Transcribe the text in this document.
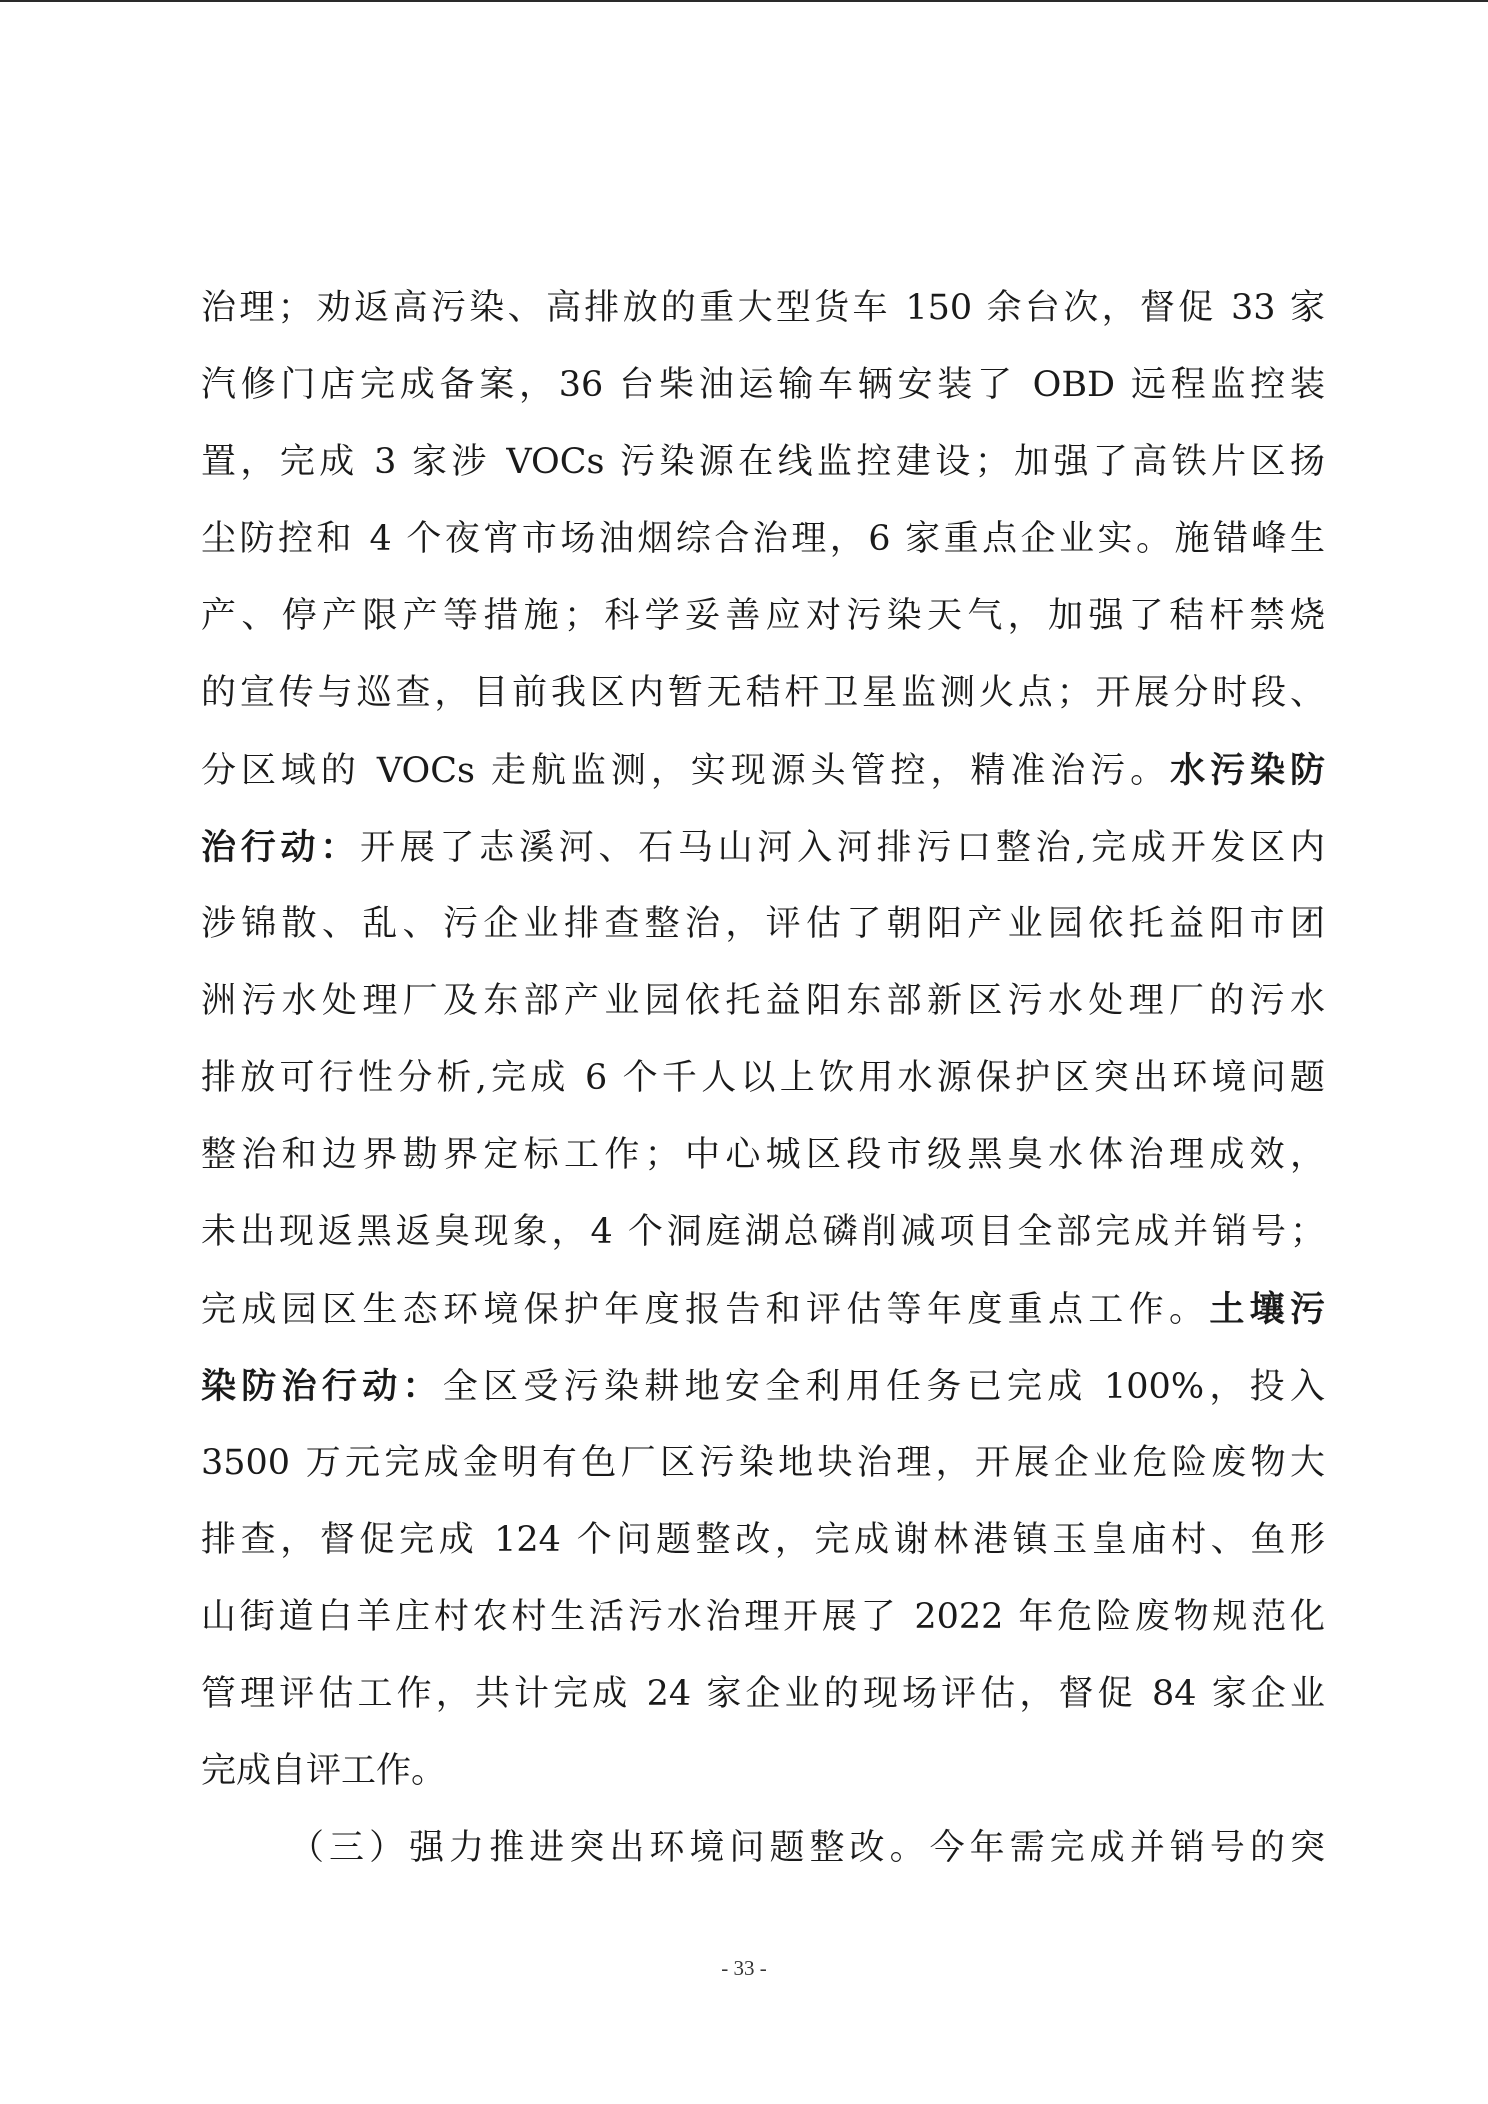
治理；劝返高污染、高排放的重大型货车 150 余台次，督促 33 家
汽修门店完成备案，36 台柴油运输车辆安装了 OBD 远程监控装
置，完成 3 家涉 VOCs 污染源在线监控建设；加强了高铁片区扬
尘防控和 4 个夜宵市场油烟综合治理，6 家重点企业实。施错峰生
产、停产限产等措施；科学妥善应对污染天气，加强了秸杆禁烧
的宣传与巡查，目前我区内暂无秸杆卫星监测火点；开展分时段、
分区域的 VOCs 走航监测，实现源头管控，精准治污。水污染防
治行动：开展了志溪河、石马山河入河排污口整治,完成开发区内
涉锦散、乱、污企业排查整治，评估了朝阳产业园依托益阳市团
洲污水处理厂及东部产业园依托益阳东部新区污水处理厂的污水
排放可行性分析,完成 6 个千人以上饮用水源保护区突出环境问题
整治和边界勘界定标工作；中心城区段市级黑臭水体治理成效，
未出现返黑返臭现象，4 个洞庭湖总磷削减项目全部完成并销号；
完成园区生态环境保护年度报告和评估等年度重点工作。土壤污
染防治行动：全区受污染耕地安全利用任务已完成 100%，投入
3500 万元完成金明有色厂区污染地块治理，开展企业危险废物大
排查，督促完成 124 个问题整改，完成谢林港镇玉皇庙村、鱼形
山街道白羊庄村农村生活污水治理开展了 2022 年危险废物规范化
管理评估工作，共计完成 24 家企业的现场评估，督促 84 家企业
完成自评工作。
（三）强力推进突出环境问题整改。今年需完成并销号的突
- 33 -
